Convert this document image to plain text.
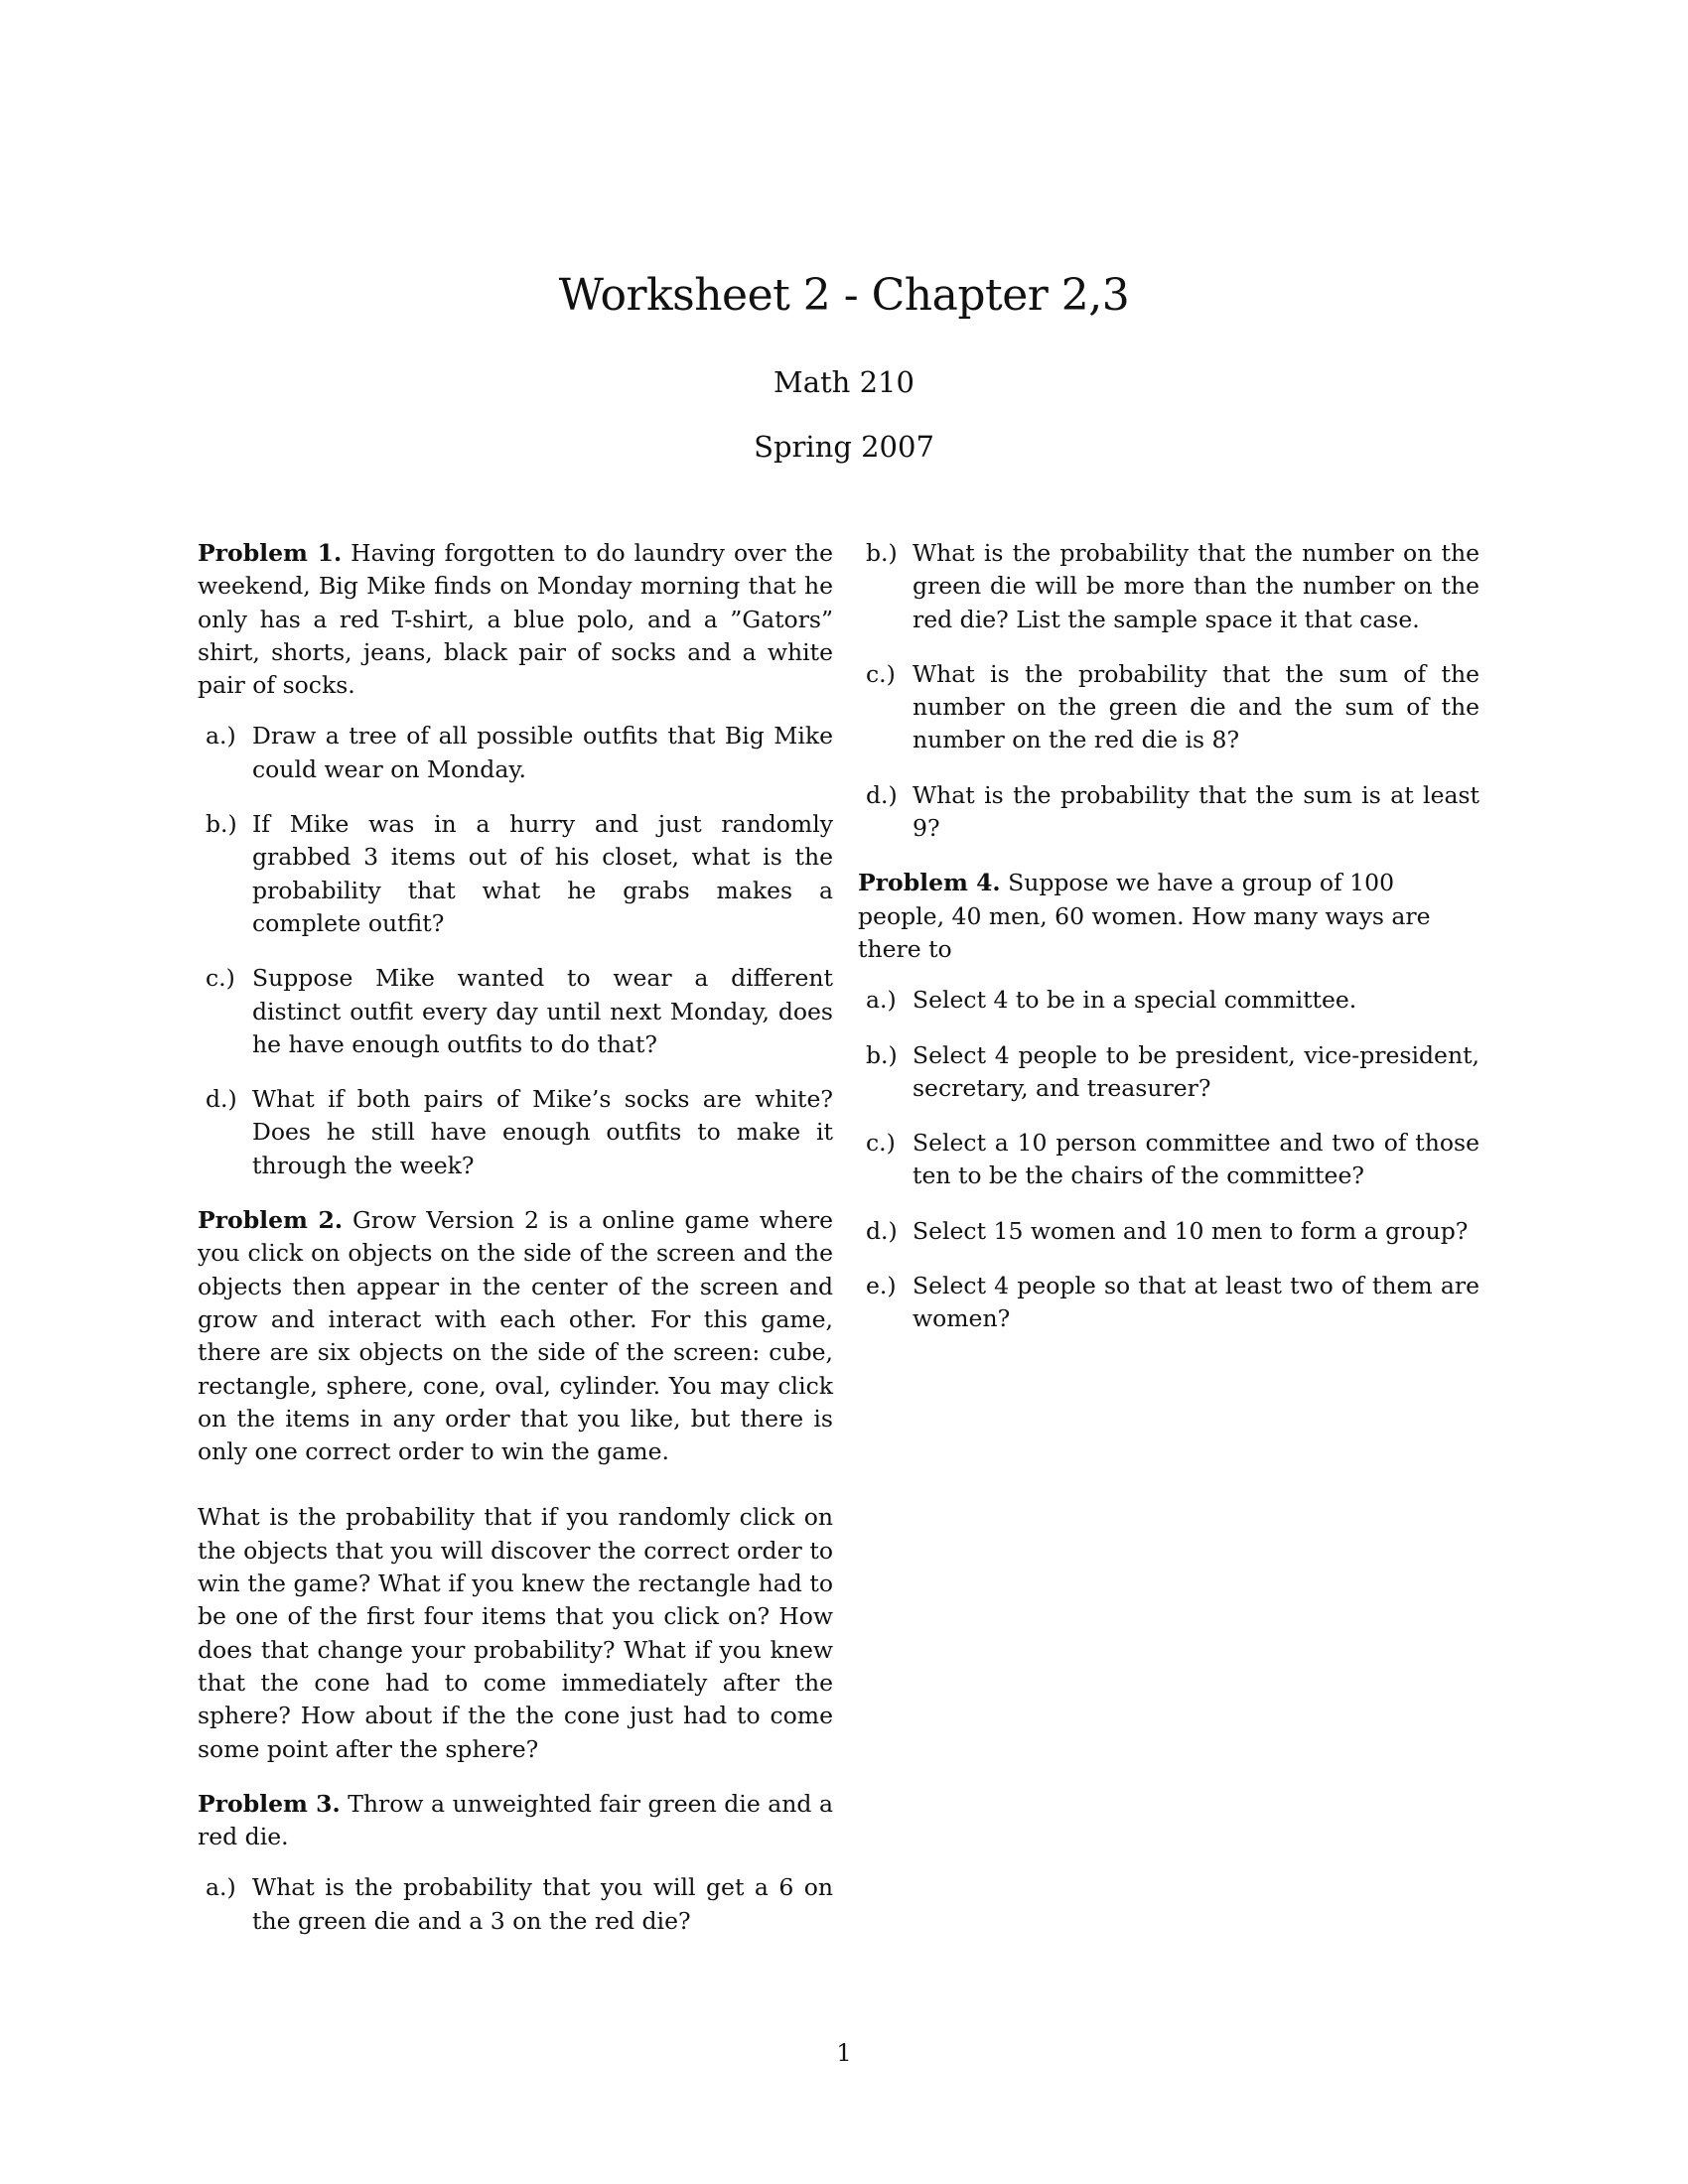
Worksheet 2 - Chapter 2,3
Math 210
Spring 2007

Problem 1. Having forgotten to do laundry over the weekend, Big Mike finds on Monday morning that he only has a red T-shirt, a blue polo, and a ”Gators” shirt, shorts, jeans, black pair of socks and a white pair of socks.

a.) Draw a tree of all possible outfits that Big Mike could wear on Monday.
b.) If Mike was in a hurry and just randomly grabbed 3 items out of his closet, what is the probability that what he grabs makes a complete outfit?
c.) Suppose Mike wanted to wear a different distinct outfit every day until next Monday, does he have enough outfits to do that?
d.) What if both pairs of Mike’s socks are white? Does he still have enough outfits to make it through the week?

Problem 2. Grow Version 2 is a online game where you click on objects on the side of the screen and the objects then appear in the center of the screen and grow and interact with each other. For this game, there are six objects on the side of the screen: cube, rectangle, sphere, cone, oval, cylinder. You may click on the items in any order that you like, but there is only one correct order to win the game.

What is the probability that if you randomly click on the objects that you will discover the correct order to win the game? What if you knew the rectangle had to be one of the first four items that you click on? How does that change your probability? What if you knew that the cone had to come immediately after the sphere? How about if the the cone just had to come some point after the sphere?

Problem 3. Throw a unweighted fair green die and a red die.

a.) What is the probability that you will get a 6 on the green die and a 3 on the red die?
b.) What is the probability that the number on the green die will be more than the number on the red die? List the sample space it that case.
c.) What is the probability that the sum of the number on the green die and the sum of the number on the red die is 8?
d.) What is the probability that the sum is at least 9?

Problem 4. Suppose we have a group of 100 people, 40 men, 60 women. How many ways are there to

a.) Select 4 to be in a special committee.
b.) Select 4 people to be president, vice-president, secretary, and treasurer?
c.) Select a 10 person committee and two of those ten to be the chairs of the committee?
d.) Select 15 women and 10 men to form a group?
e.) Select 4 people so that at least two of them are women?
1
